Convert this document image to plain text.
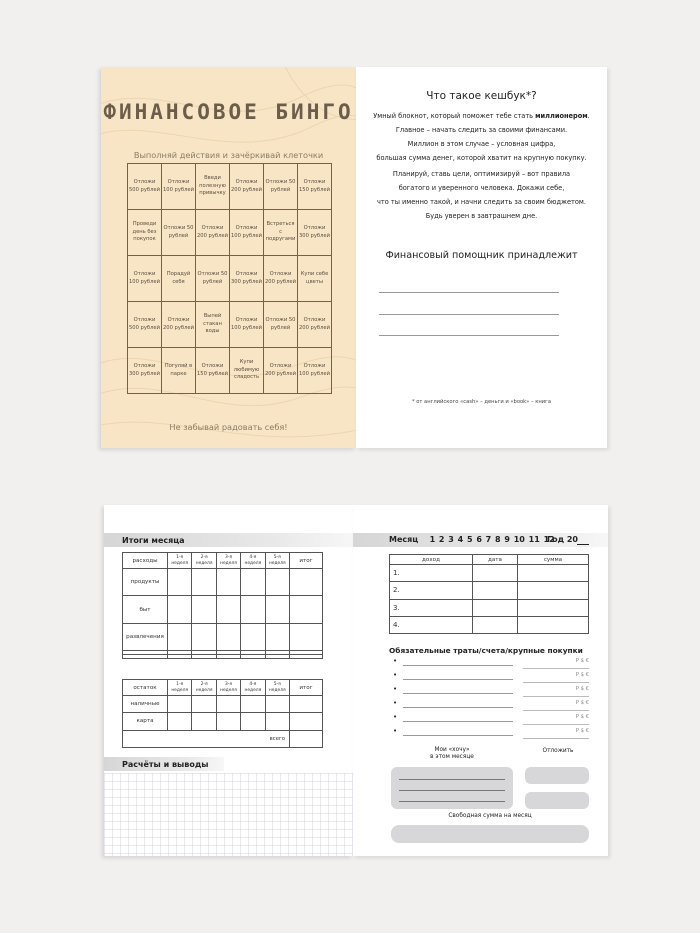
ФИНАНСОВОЕ БИНГО
Выполняй действия и зачёркивай клеточки
Отложи 500 рублей	Отложи 100 рублей	Введи полезную привычку	Отложи 200 рублей	Отложи 50 рублей	Отложи 150 рублей
Проведи день без покупок	Отложи 50 рублей	Отложи 200 рублей	Отложи 100 рублей	Встреться с подругами	Отложи 300 рублей
Отложи 100 рублей	Порадуй себя	Отложи 50 рублей	Отложи 300 рублей	Отложи 200 рублей	Купи себе цветы
Отложи 500 рублей	Отложи 200 рублей	Выпей стакан воды	Отложи 100 рублей	Отложи 50 рублей	Отложи 200 рублей
Отложи 300 рублей	Погуляй в парке	Отложи 150 рублей	Купи любимую сладость	Отложи 200 рублей	Отложи 100 рублей
Не забывай радовать себя!
Что такое кешбук*?
Умный блокнот, который поможет тебе стать миллионером.
Главное – начать следить за своими финансами.
Миллион в этом случае – условная цифра,
большая сумма денег, которой хватит на крупную покупку.
Планируй, ставь цели, оптимизируй – вот правила
богатого и уверенного человека. Докажи себе,
что ты именно такой, и начни следить за своим бюджетом.
Будь уверен в завтрашнем дне.
Финансовый помощник принадлежит
* от английского «cash» – деньги и «book» – книга
Итоги месяца
расходы	1-я неделя	2-я неделя	3-я неделя	4-я неделя	5-я неделя	итог
продукты						
быт						
развлечения						

остаток	1-я неделя	2-я неделя	3-я неделя	4-я неделя	5-я неделя	итог
наличные						
карта						
всего						
Расчёты и выводы
Месяц 1 2 3 4 5 6 7 8 9 10 11 12
Год 20
доход	дата	сумма
1.		
2.		
3.		
4.		
Обязательные траты/счета/крупные покупки
•	Р $ €
•	Р $ €
•	Р $ €
•	Р $ €
•	Р $ €
•	Р $ €
Мои «хочу»
в этом месяце
Отложить
Свободная сумма на месяц
